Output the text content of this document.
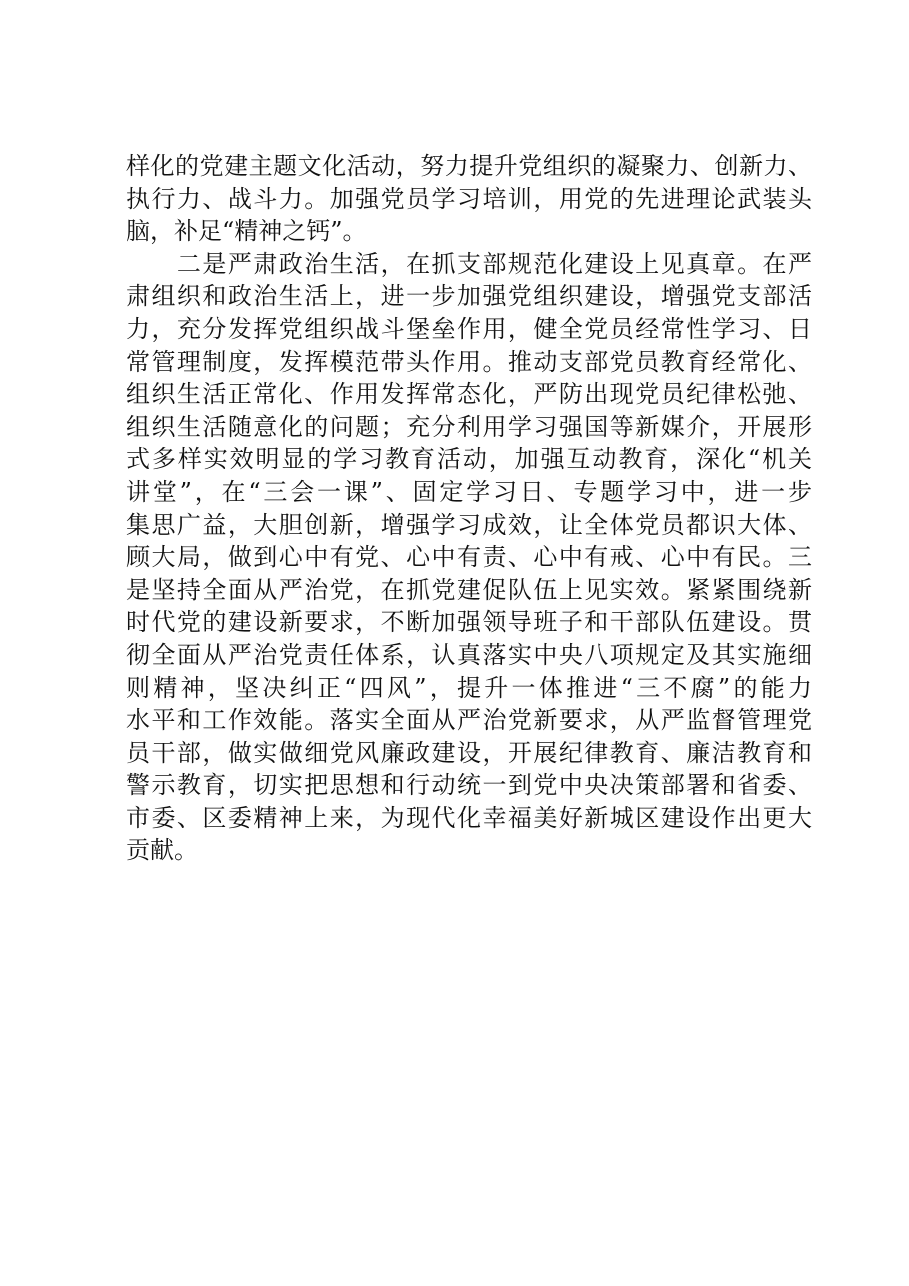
样化的党建主题文化活动，努力提升党组织的凝聚力、创新力、
执行力、战斗力。加强党员学习培训，用党的先进理论武装头
脑，补足“精神之钙”。
　　二是严肃政治生活，在抓支部规范化建设上见真章。在严
肃组织和政治生活上，进一步加强党组织建设，增强党支部活
力，充分发挥党组织战斗堡垒作用，健全党员经常性学习、日
常管理制度，发挥模范带头作用。推动支部党员教育经常化、
组织生活正常化、作用发挥常态化，严防出现党员纪律松弛、
组织生活随意化的问题；充分利用学习强国等新媒介，开展形
式多样实效明显的学习教育活动，加强互动教育，深化“机关
讲堂”，在“三会一课”、固定学习日、专题学习中，进一步
集思广益，大胆创新，增强学习成效，让全体党员都识大体、
顾大局，做到心中有党、心中有责、心中有戒、心中有民。三
是坚持全面从严治党，在抓党建促队伍上见实效。紧紧围绕新
时代党的建设新要求，不断加强领导班子和干部队伍建设。贯
彻全面从严治党责任体系，认真落实中央八项规定及其实施细
则精神，坚决纠正“四风”，提升一体推进“三不腐”的能力
水平和工作效能。落实全面从严治党新要求，从严监督管理党
员干部，做实做细党风廉政建设，开展纪律教育、廉洁教育和
警示教育，切实把思想和行动统一到党中央决策部署和省委、
市委、区委精神上来，为现代化幸福美好新城区建设作出更大
贡献。
